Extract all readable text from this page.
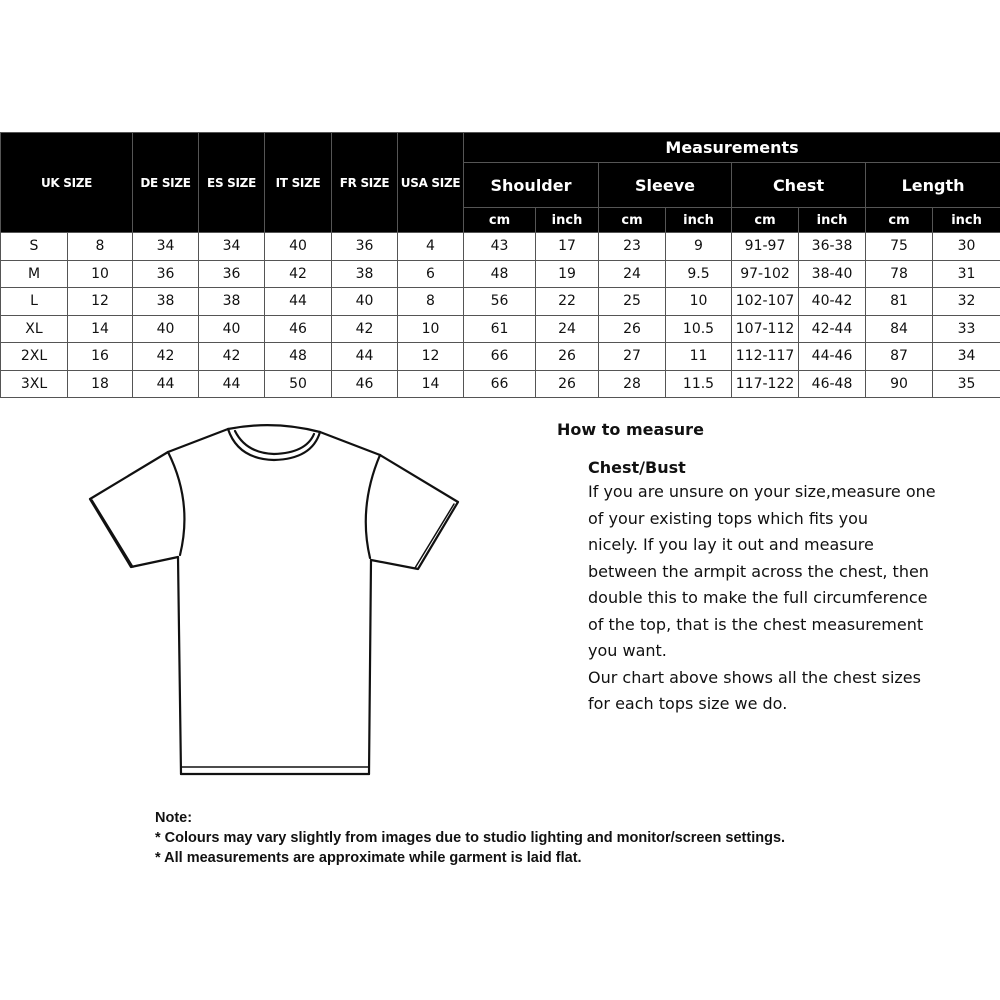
UK SIZE		DE SIZE	ES SIZE	IT SIZE	FR SIZE	USA SIZE	Measurements							
							Shoulder		Sleeve		Chest		Length	
							cm	inch	cm	inch	cm	inch	cm	inch
S	8	34	34	40	36	4	43	17	23	9	91-97	36-38	75	30
M	10	36	36	42	38	6	48	19	24	9.5	97-102	38-40	78	31
L	12	38	38	44	40	8	56	22	25	10	102-107	40-42	81	32
XL	14	40	40	46	42	10	61	24	26	10.5	107-112	42-44	84	33
2XL	16	42	42	48	44	12	66	26	27	11	112-117	44-46	87	34
3XL	18	44	44	50	46	14	66	26	28	11.5	117-122	46-48	90	35
How to measure
Chest/Bust
If you are unsure on your size,measure one
of your existing tops which fits you
nicely. If you lay it out and measure
between the armpit across the chest, then
double this to make the full circumference
of the top, that is the chest measurement
you want.
Our chart above shows all the chest sizes
for each tops size we do.
Note:
* Colours may vary slightly from images due to studio lighting and monitor/screen settings.
* All measurements are approximate while garment is laid flat.
